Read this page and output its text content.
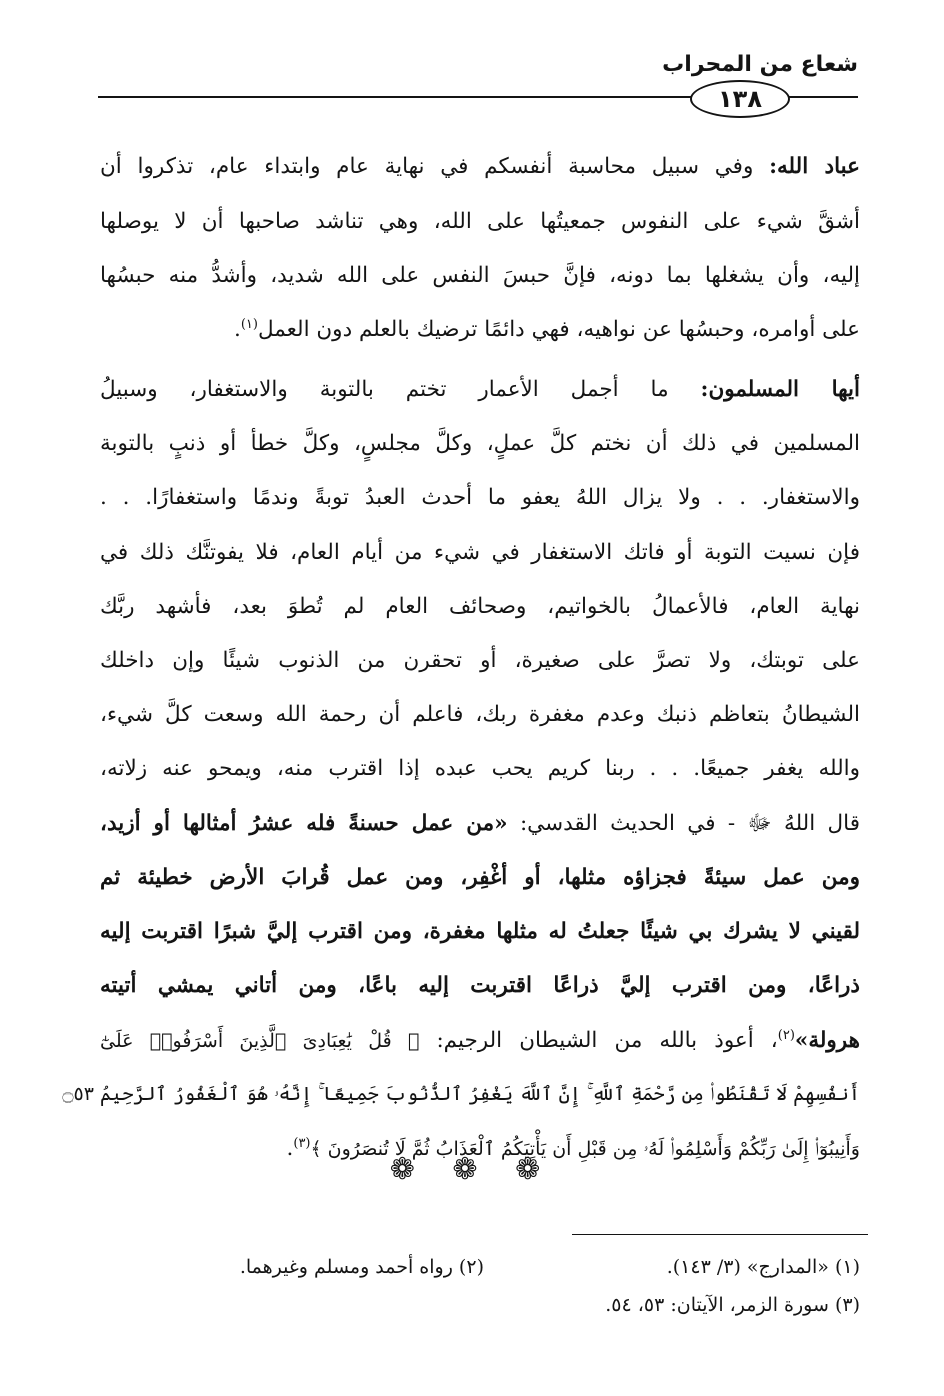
شعاع من المحراب
١٣٨
عباد الله: وفي سبيل محاسبة أنفسكم في نهاية عام وابتداء عام، تذكروا أن
أشقَّ شيء على النفوس جمعيتُها على الله، وهي تناشد صاحبها أن لا يوصلها
إليه، وأن يشغلها بما دونه، فإنَّ حبسَ النفس على الله شديد، وأشدُّ منه حبسُها
على أوامره، وحبسُها عن نواهيه، فهي دائمًا ترضيك بالعلم دون العمل$^{(١)}$.
أيها المسلمون: ما أجمل الأعمار تختم بالتوبة والاستغفار، وسبيلُ
المسلمين في ذلك أن نختم كلَّ عملٍ، وكلَّ مجلسٍ، وكلَّ خطأ أو ذنبٍ بالتوبة
والاستغفار. . . ولا يزال اللهُ يعفو ما أحدث العبدُ توبةً وندمًا واستغفارًا. . .
فإن نسيت التوبة أو فاتك الاستغفار في شيء من أيام العام، فلا يفوتنَّك ذلك في
نهاية العام، فالأعمالُ بالخواتيم، وصحائف العام لم تُطوَ بعد، فأشهد ربَّك
على توبتك، ولا تصرَّ على صغيرة، أو تحقرن من الذنوب شيئًا وإن داخلك
الشيطانُ بتعاظم ذنبك وعدم مغفرة ربك، فاعلم أن رحمة الله وسعت كلَّ شيء،
والله يغفر جميعًا. . . ربنا كريم يحب عبده إذا اقترب منه، ويمحو عنه زلاته،
قال اللهُ ﷻ - في الحديث القدسي: «من عمل حسنةً فله عشرُ أمثالها أو أزيد،
ومن عمل سيئةً فجزاؤه مثلها، أو أغْفِر، ومن عمل قُرابَ الأرض خطيئة ثم
لقيني لا يشرك بي شيئًا جعلتُ له مثلها مغفرة، ومن اقترب إليَّ شبرًا اقتربت إليه
ذراعًا، ومن اقترب إليَّ ذراعًا اقتربت إليه باعًا، ومن أتاني يمشي أتيته
هرولة»$^{(٢)}$، أعوذ بالله من الشيطان الرجيم: ﴿ قُلْ يَٰعِبَادِىَ ٱلَّذِينَ أَسْرَفُوا۟ عَلَىٰٓ
أَنفُسِهِمْ لَا تَقْنَطُوا۟ مِن رَّحْمَةِ ٱللَّهِ ۚ إِنَّ ٱللَّهَ يَغْفِرُ ٱلذُّنُوبَ جَمِيعًا ۚ إِنَّهُۥ هُوَ ٱلْغَفُورُ ٱلرَّحِيمُ ۝٥٣
وَأَنِيبُوٓا۟ إِلَىٰ رَبِّكُمْ وَأَسْلِمُوا۟ لَهُۥ مِن قَبْلِ أَن يَأْتِيَكُمُ ٱلْعَذَابُ ثُمَّ لَا تُنصَرُونَ ﴾$^{(٣)}$.
❁ ❁ ❁
(١) «المدارج» (٣/ ١٤٣).
(٢) رواه أحمد ومسلم وغيرهما.
(٣) سورة الزمر، الآيتان: ٥٣، ٥٤.
